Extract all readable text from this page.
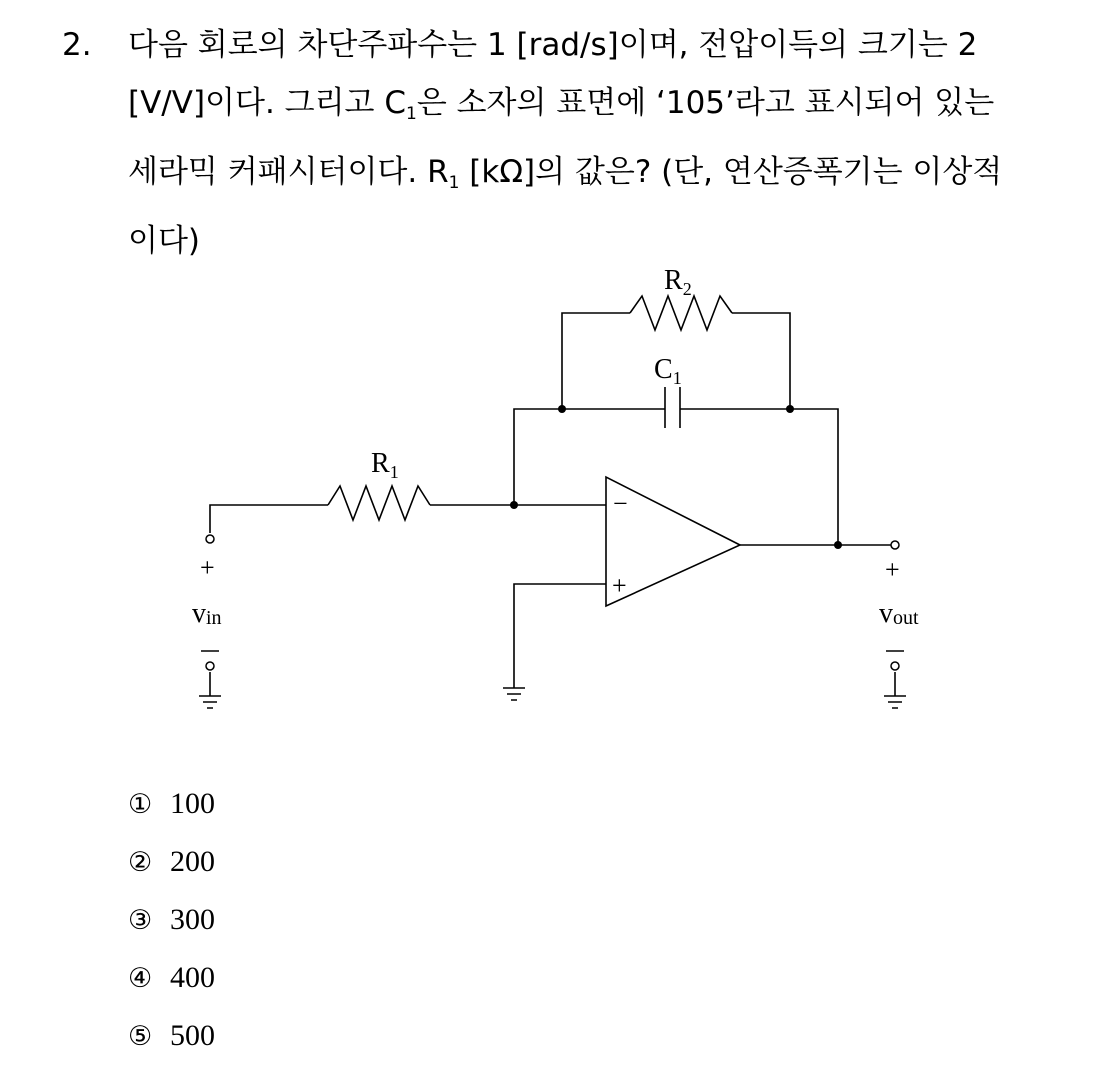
2. 다음 회로의 차단주파수는 1 [rad/s]이며, 전압이득의 크기는 2
[V/V]이다. 그리고 $C_1$은 소자의 표면에 ‘105’라고 표시되어 있는
세라믹 커패시터이다. $R_1$ [kΩ]의 값은? (단, 연산증폭기는 이상적
이다)
$R_2$
$C_1$
$R_1$
−
+
+	+
vin	vout
① 100
② 200
③ 300
④ 400
⑤ 500
